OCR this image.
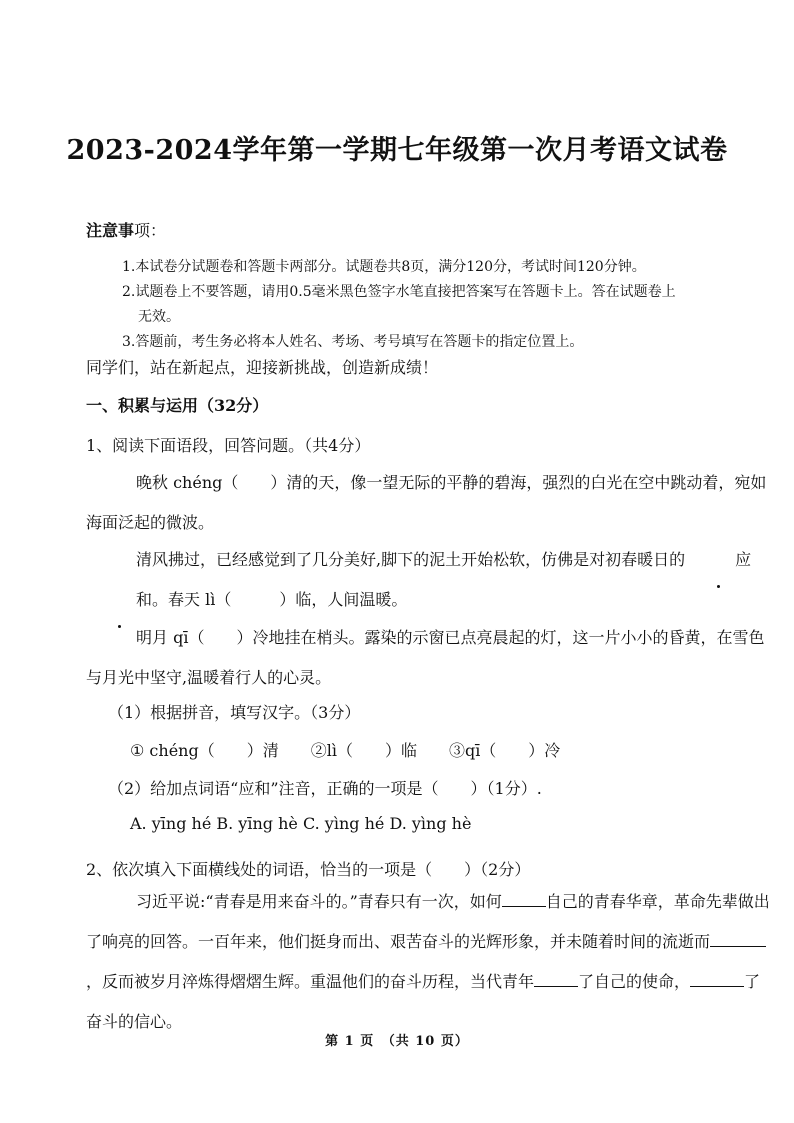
2023-2024学年第一学期七年级第一次月考语文试卷
注意事项：
1.本试卷分试题卷和答题卡两部分。试题卷共8页，满分120分，考试时间120分钟。
2.试题卷上不要答题，请用0.5毫米黑色签字水笔直接把答案写在答题卡上。答在试题卷上
无效。
3.答题前，考生务必将本人姓名、考场、考号填写在答题卡的指定位置上。
同学们，站在新起点，迎接新挑战，创造新成绩！
一、积累与运用（32分）
1、阅读下面语段，回答问题。（共4分）
晚秋 chéng（　　）清的天，像一望无际的平静的碧海，强烈的白光在空中跳动着，宛如海面泛起的微波。
清风拂过，已经感觉到了几分美好,脚下的泥土开始松软，仿佛是对初春暖日的	应和。春天 lì（　　　）临，人间温暖。
明月 qī（　　）冷地挂在梢头。露染的示窗已点亮晨起的灯，这一片小小的昏黄，在雪色与月光中坚守,温暖着行人的心灵。
（1）根据拼音，填写汉字。（3分）
① chéng（　　）清　　②lì（　　）临　　③qī（　　）冷
（2）给加点词语“应和”注音，正确的一项是（　　）（1分）.
A. yīng hé B. yīng hè C. yìng hé D. yìng hè
2、依次填入下面横线处的词语，恰当的一项是（　　）（2分）
习近平说:“青春是用来奋斗的。”青春只有一次，如何	自己的青春华章，革命先辈做出了响亮的回答。一百年来，他们挺身而出、艰苦奋斗的光辉形象，并未随着时间的流逝而，反而被岁月淬炼得熠熠生辉。重温他们的奋斗历程，当代青年	了自己的使命，	了奋斗的信心。
第 1 页　（共 10 页）
